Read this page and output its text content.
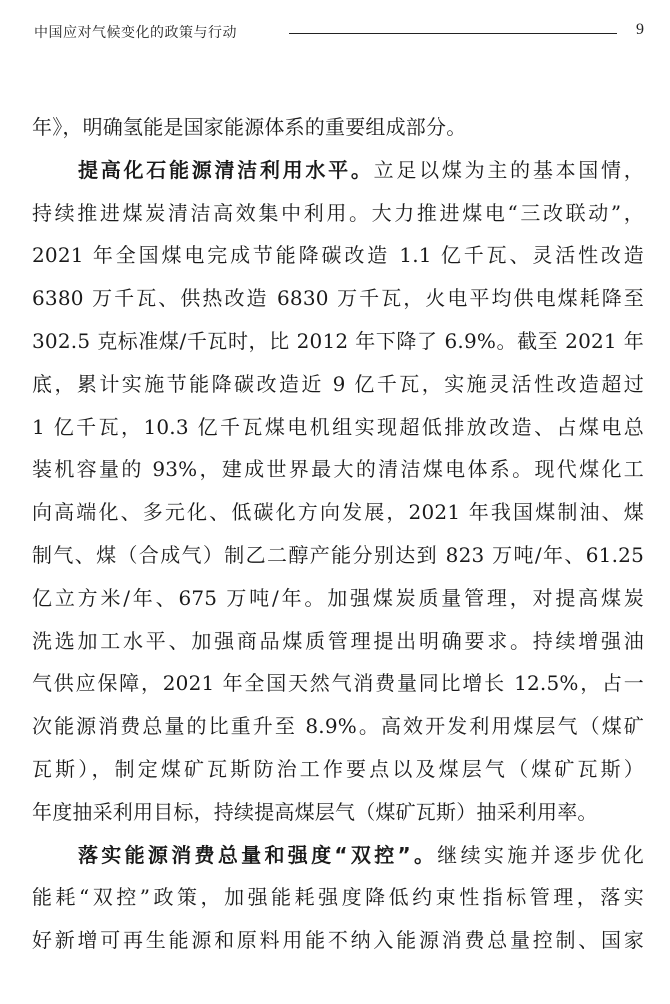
中国应对气候变化的政策与行动	9
年》，明确氢能是国家能源体系的重要组成部分。
提高化石能源清洁利用水平。立足以煤为主的基本国情，
持续推进煤炭清洁高效集中利用。大力推进煤电“三改联动”，
2021 年全国煤电完成节能降碳改造 1.1 亿千瓦、灵活性改造
6380 万千瓦、供热改造 6830 万千瓦，火电平均供电煤耗降至
302.5 克标准煤/千瓦时，比 2012 年下降了 6.9%。截至 2021 年
底，累计实施节能降碳改造近 9 亿千瓦，实施灵活性改造超过
1 亿千瓦，10.3 亿千瓦煤电机组实现超低排放改造、占煤电总
装机容量的 93%，建成世界最大的清洁煤电体系。现代煤化工
向高端化、多元化、低碳化方向发展，2021 年我国煤制油、煤
制气、煤（合成气）制乙二醇产能分别达到 823 万吨/年、61.25
亿立方米/年、675 万吨/年。加强煤炭质量管理，对提高煤炭
洗选加工水平、加强商品煤质管理提出明确要求。持续增强油
气供应保障，2021 年全国天然气消费量同比增长 12.5%，占一
次能源消费总量的比重升至 8.9%。高效开发利用煤层气（煤矿
瓦斯），制定煤矿瓦斯防治工作要点以及煤层气（煤矿瓦斯）
年度抽采利用目标，持续提高煤层气（煤矿瓦斯）抽采利用率。
落实能源消费总量和强度“双控”。继续实施并逐步优化
能耗“双控”政策，加强能耗强度降低约束性指标管理，落实
好新增可再生能源和原料用能不纳入能源消费总量控制、国家
